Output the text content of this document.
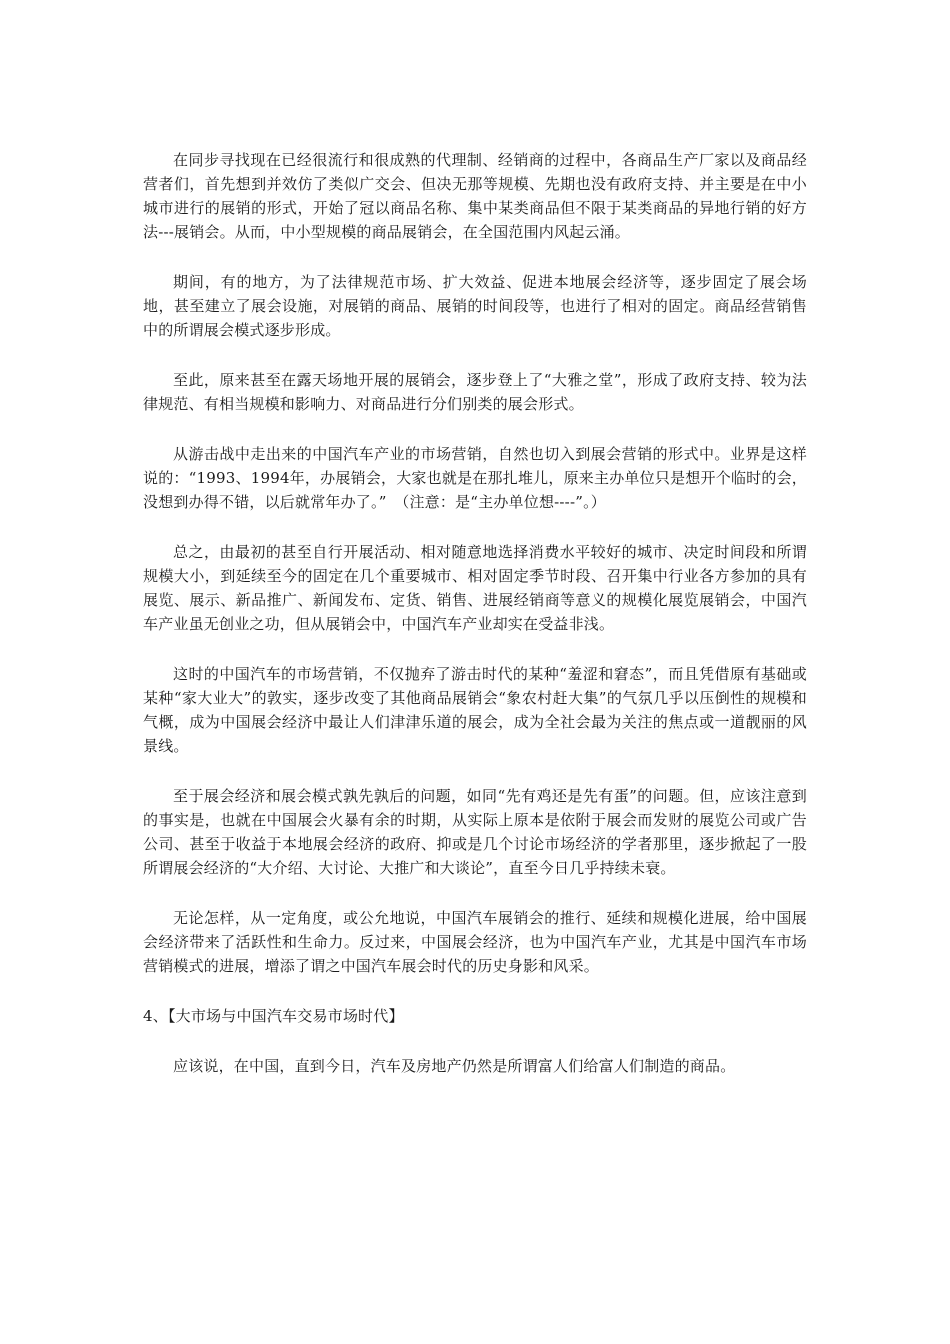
在同步寻找现在已经很流行和很成熟的代理制、经销商的过程中，各商品生产厂家以及商品经营者们，首先想到并效仿了类似广交会、但决无那等规模、先期也没有政府支持、并主要是在中小城市进行的展销的形式，开始了冠以商品名称、集中某类商品但不限于某类商品的异地行销的好方法---展销会。从而，中小型规模的商品展销会，在全国范围内风起云涌。

期间，有的地方，为了法律规范市场、扩大效益、促进本地展会经济等，逐步固定了展会场地，甚至建立了展会设施，对展销的商品、展销的时间段等，也进行了相对的固定。商品经营销售中的所谓展会模式逐步形成。

至此，原来甚至在露天场地开展的展销会，逐步登上了“大雅之堂”，形成了政府支持、较为法律规范、有相当规模和影响力、对商品进行分们别类的展会形式。

从游击战中走出来的中国汽车产业的市场营销，自然也切入到展会营销的形式中。业界是这样说的：“1993、1994年，办展销会，大家也就是在那扎堆儿，原来主办单位只是想开个临时的会，没想到办得不错，以后就常年办了。”　（注意：是“主办单位想----”。）

总之，由最初的甚至自行开展活动、相对随意地选择消费水平较好的城市、决定时间段和所谓规模大小，到延续至今的固定在几个重要城市、相对固定季节时段、召开集中行业各方参加的具有展览、展示、新品推广、新闻发布、定货、销售、进展经销商等意义的规模化展览展销会，中国汽车产业虽无创业之功，但从展销会中，中国汽车产业却实在受益非浅。

这时的中国汽车的市场营销，不仅抛弃了游击时代的某种“羞涩和窘态”，而且凭借原有基础或某种“家大业大”的敦实，逐步改变了其他商品展销会“象农村赶大集”的气氛几乎以压倒性的规模和气概，成为中国展会经济中最让人们津津乐道的展会，成为全社会最为关注的焦点或一道靓丽的风景线。

至于展会经济和展会模式孰先孰后的问题，如同“先有鸡还是先有蛋”的问题。但，应该注意到的事实是，也就在中国展会火暴有余的时期，从实际上原本是依附于展会而发财的展览公司或广告公司、甚至于收益于本地展会经济的政府、抑或是几个讨论市场经济的学者那里，逐步掀起了一股所谓展会经济的“大介绍、大讨论、大推广和大谈论”，直至今日几乎持续未衰。

无论怎样，从一定角度，或公允地说，中国汽车展销会的推行、延续和规模化进展，给中国展会经济带来了活跃性和生命力。反过来，中国展会经济，也为中国汽车产业，尤其是中国汽车市场营销模式的进展，增添了谓之中国汽车展会时代的历史身影和风采。

4、【大市场与中国汽车交易市场时代】

应该说，在中国，直到今日，汽车及房地产仍然是所谓富人们给富人们制造的商品。
